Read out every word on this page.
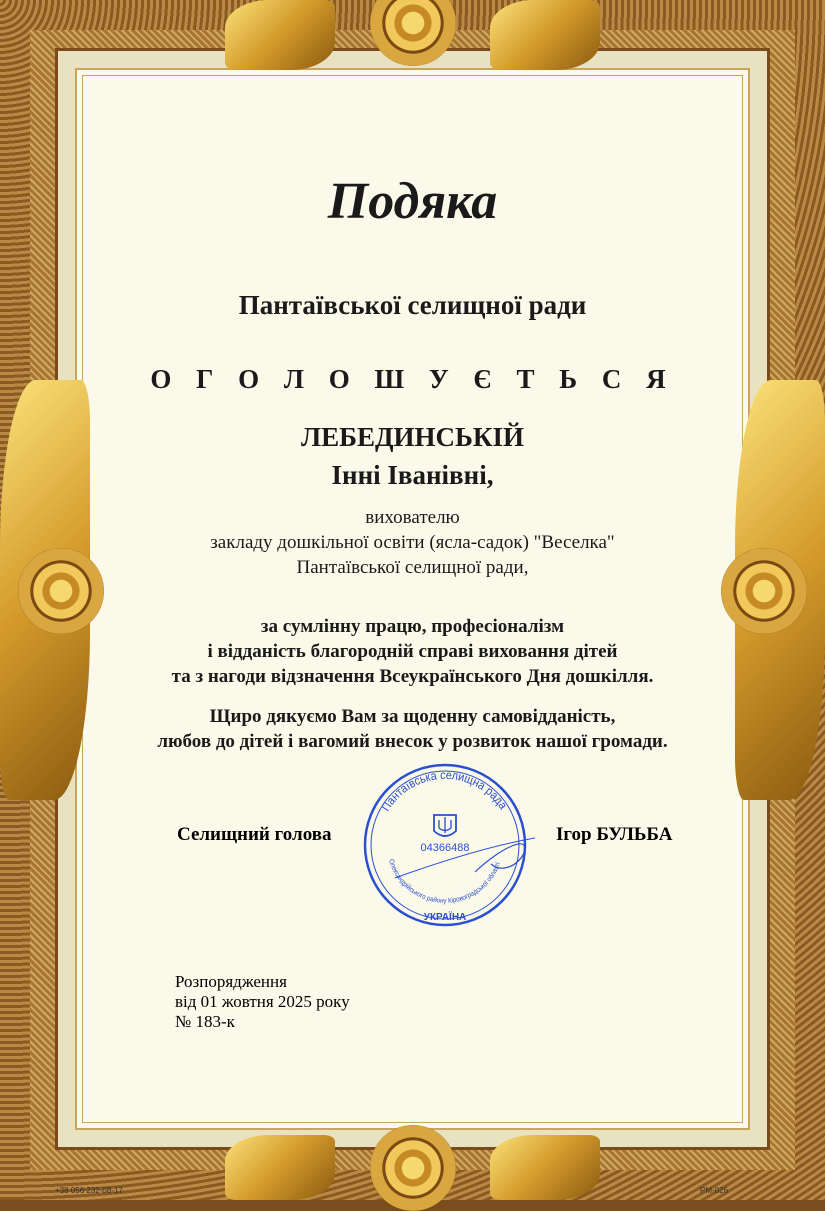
Подяка
Пантаївської селищної ради
О Г О Л О Ш У Є Т Ь С Я
ЛЕБЕДИНСЬКІЙ
Інні Іванівні,
вихователю
закладу дошкільної освіти (ясла-садок) "Веселка"
Пантаївської селищної ради,
за сумлінну працю, професіоналізм
і відданість благородній справі виховання дітей
та з нагоди відзначення Всеукраїнського Дня дошкілля.
Щиро дякуємо Вам за щоденну самовідданість,
любов до дітей і вагомий внесок у розвиток нашої громади.
Селищний голова	Ігор БУЛЬБА
Пантаївська селищна рада
Олександрійського району Кіровоградської області
04366488
УКРАЇНА
Розпорядження
від 01 жовтня 2025 року
№ 183-к
+38 056 232-08-17	PM-026
